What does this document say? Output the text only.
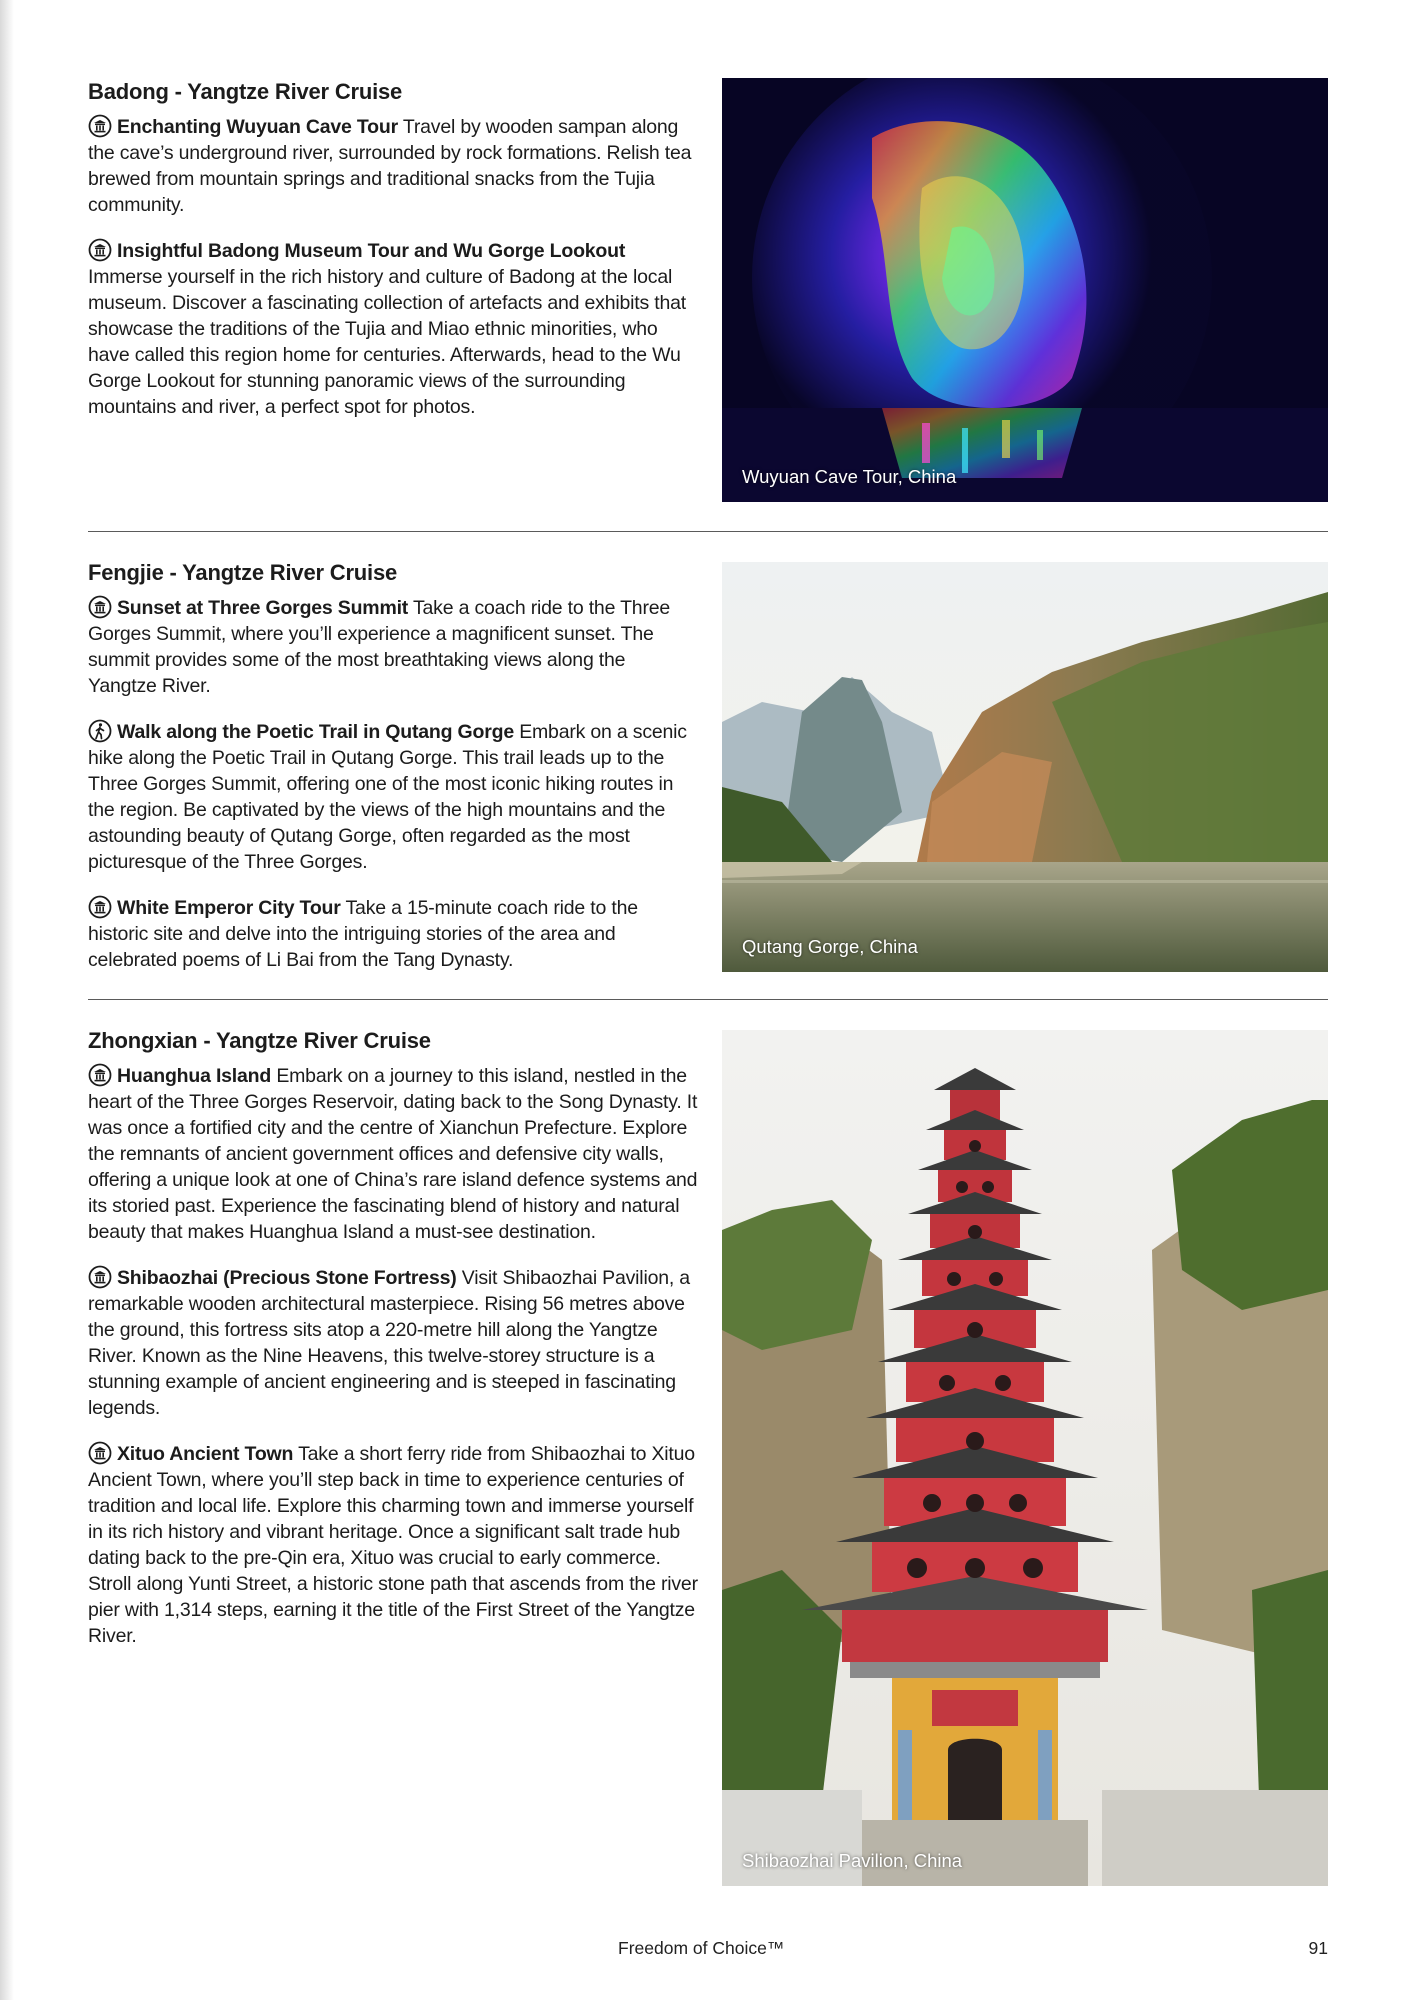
Badong - Yangtze River Cruise

Enchanting Wuyuan Cave Tour Travel by wooden sampan along the cave’s underground river, surrounded by rock formations. Relish tea brewed from mountain springs and traditional snacks from the Tujia community.

Insightful Badong Museum Tour and Wu Gorge Lookout Immerse yourself in the rich history and culture of Badong at the local museum. Discover a fascinating collection of artefacts and exhibits that showcase the traditions of the Tujia and Miao ethnic minorities, who have called this region home for centuries. Afterwards, head to the Wu Gorge Lookout for stunning panoramic views of the surrounding mountains and river, a perfect spot for photos.

Wuyuan Cave Tour, China
Fengjie - Yangtze River Cruise

Sunset at Three Gorges Summit Take a coach ride to the Three Gorges Summit, where you’ll experience a magnificent sunset. The summit provides some of the most breathtaking views along the Yangtze River.

Walk along the Poetic Trail in Qutang Gorge Embark on a scenic hike along the Poetic Trail in Qutang Gorge. This trail leads up to the Three Gorges Summit, offering one of the most iconic hiking routes in the region. Be captivated by the views of the high mountains and the astounding beauty of Qutang Gorge, often regarded as the most picturesque of the Three Gorges.

White Emperor City Tour Take a 15-minute coach ride to the historic site and delve into the intriguing stories of the area and celebrated poems of Li Bai from the Tang Dynasty.

Qutang Gorge, China
Zhongxian - Yangtze River Cruise

Huanghua Island Embark on a journey to this island, nestled in the heart of the Three Gorges Reservoir, dating back to the Song Dynasty. It was once a fortified city and the centre of Xianchun Prefecture. Explore the remnants of ancient government offices and defensive city walls, offering a unique look at one of China’s rare island defence systems and its storied past. Experience the fascinating blend of history and natural beauty that makes Huanghua Island a must-see destination.

Shibaozhai (Precious Stone Fortress) Visit Shibaozhai Pavilion, a remarkable wooden architectural masterpiece. Rising 56 metres above the ground, this fortress sits atop a 220-metre hill along the Yangtze River. Known as the Nine Heavens, this twelve-storey structure is a stunning example of ancient engineering and is steeped in fascinating legends.

Xituo Ancient Town Take a short ferry ride from Shibaozhai to Xituo Ancient Town, where you’ll step back in time to experience centuries of tradition and local life. Explore this charming town and immerse yourself in its rich history and vibrant heritage. Once a significant salt trade hub dating back to the pre-Qin era, Xituo was crucial to early commerce. Stroll along Yunti Street, a historic stone path that ascends from the river pier with 1,314 steps, earning it the title of the First Street of the Yangtze River.

Shibaozhai Pavilion, China
Freedom of Choice™	91
